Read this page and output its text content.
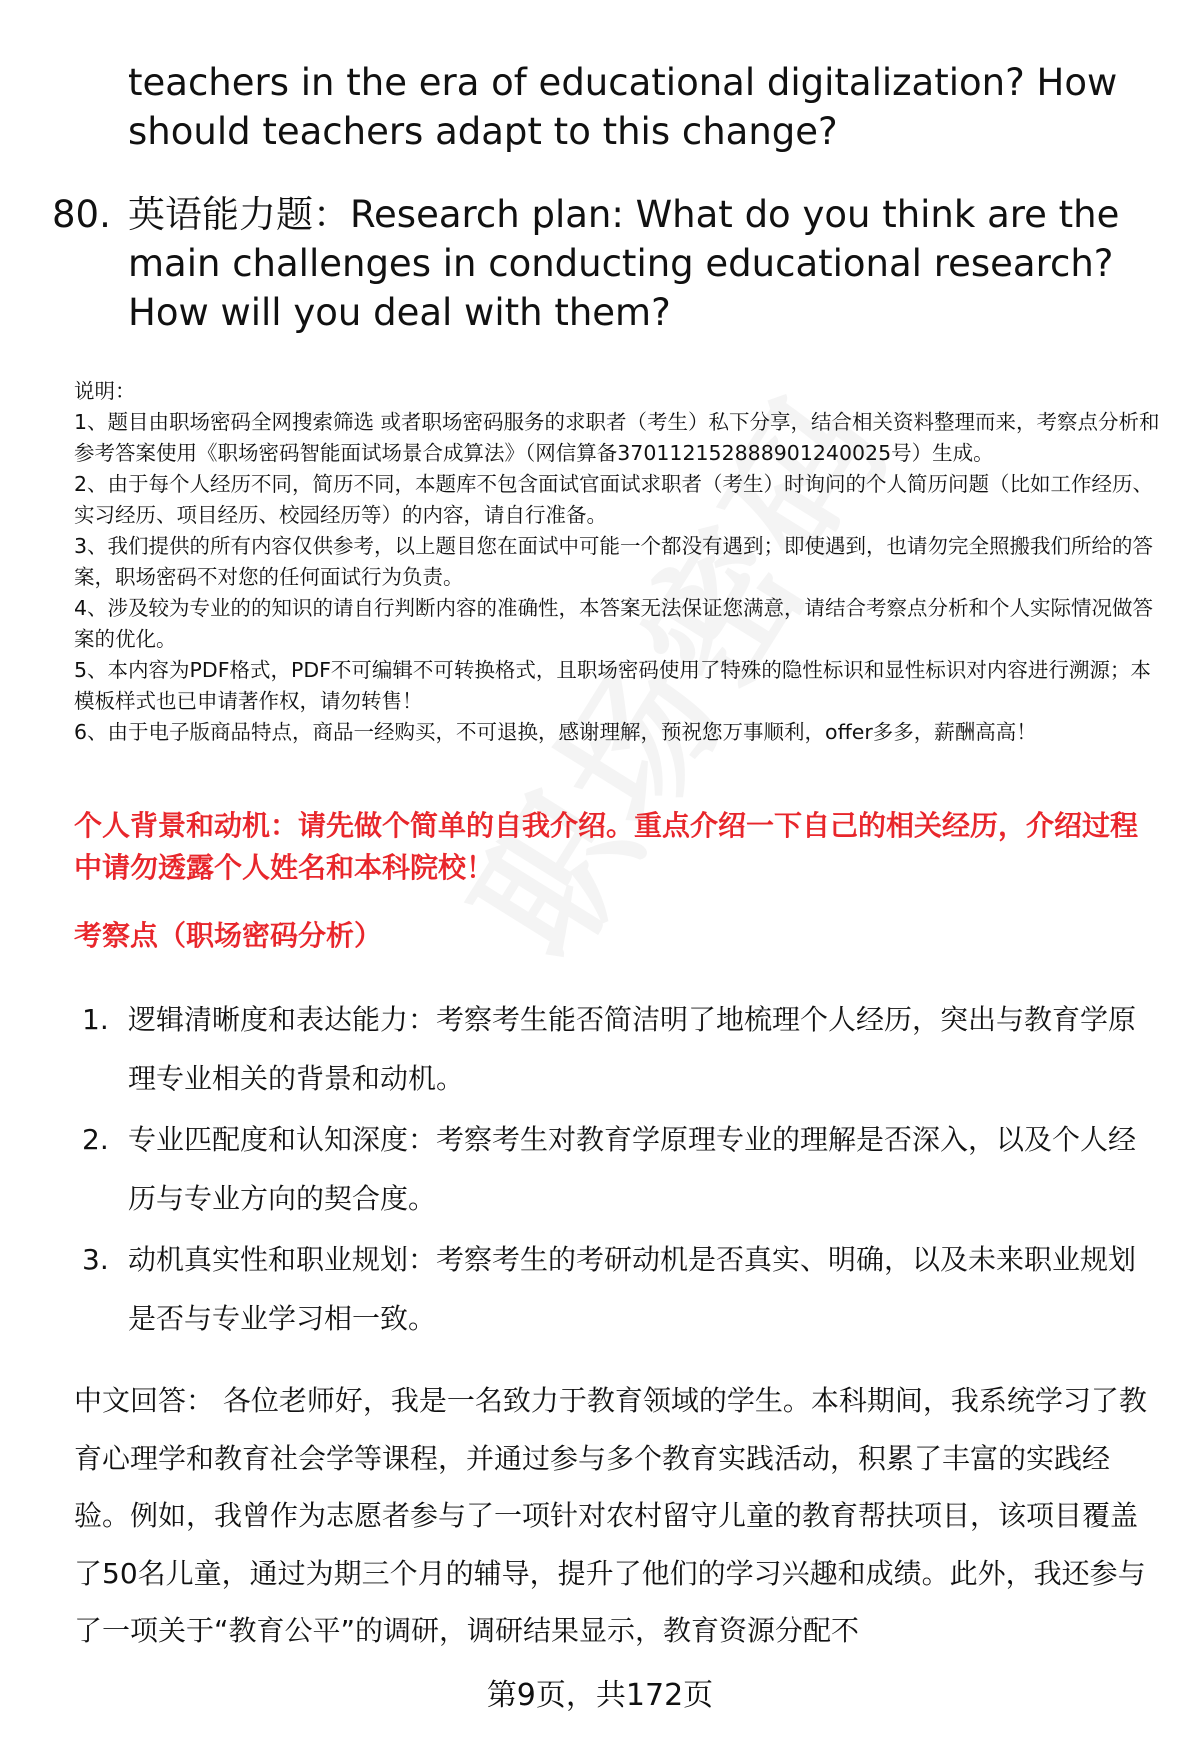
teachers in the era of educational digitalization? How should teachers adapt to this change?
80. 英语能力题：Research plan: What do you think are the main challenges in conducting educational research? How will you deal with them?

说明：

1、题目由职场密码全网搜索筛选 或者职场密码服务的求职者（考生）私下分享，结合相关资料整理而来，考察点分析和参考答案使用《职场密码智能面试场景合成算法》（网信算备370112152888901240025号）生成。

2、由于每个人经历不同，简历不同，本题库不包含面试官面试求职者（考生）时询问的个人简历问题（比如工作经历、实习经历、项目经历、校园经历等）的内容，请自行准备。

3、我们提供的所有内容仅供参考，以上题目您在面试中可能一个都没有遇到；即使遇到，也请勿完全照搬我们所给的答案，职场密码不对您的任何面试行为负责。

4、涉及较为专业的的知识的请自行判断内容的准确性，本答案无法保证您满意，请结合考察点分析和个人实际情况做答案的优化。

5、本内容为PDF格式，PDF不可编辑不可转换格式，且职场密码使用了特殊的隐性标识和显性标识对内容进行溯源；本模板样式也已申请著作权，请勿转售！

6、由于电子版商品特点，商品一经购买，不可退换，感谢理解，预祝您万事顺利，offer多多，薪酬高高！

个人背景和动机：请先做个简单的自我介绍。重点介绍一下自己的相关经历，介绍过程中请勿透露个人姓名和本科院校！
考察点（职场密码分析）
1. 逻辑清晰度和表达能力：考察考生能否简洁明了地梳理个人经历，突出与教育学原理专业相关的背景和动机。
2. 专业匹配度和认知深度：考察考生对教育学原理专业的理解是否深入，以及个人经历与专业方向的契合度。
3. 动机真实性和职业规划：考察考生的考研动机是否真实、明确，以及未来职业规划是否与专业学习相一致。

中文回答： 各位老师好，我是一名致力于教育领域的学生。本科期间，我系统学习了教育心理学和教育社会学等课程，并通过参与多个教育实践活动，积累了丰富的实践经验。例如，我曾作为志愿者参与了一项针对农村留守儿童的教育帮扶项目，该项目覆盖了50名儿童，通过为期三个月的辅导，提升了他们的学习兴趣和成绩。此外，我还参与了一项关于“教育公平”的调研，调研结果显示，教育资源分配不

第9页，共172页
